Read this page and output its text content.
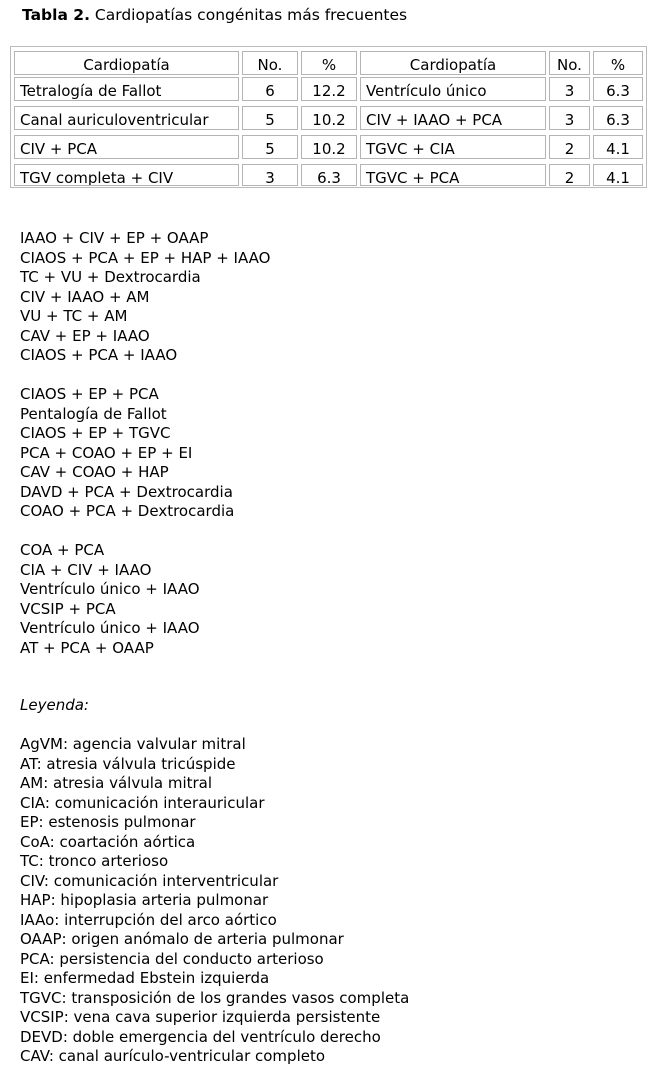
Tabla 2. Cardiopatías congénitas más frecuentes
Cardiopatía	No.	%	Cardiopatía	No.	%
Tetralogía de Fallot	6	12.2	Ventrículo único	3	6.3
Canal auriculoventricular	5	10.2	CIV + IAAO + PCA	3	6.3
CIV + PCA	5	10.2	TGVC + CIA	2	4.1
TGV completa + CIV	3	6.3	TGVC + PCA	2	4.1
IAAO + CIV + EP + OAAP
CIAOS + PCA + EP + HAP + IAAO
TC + VU + Dextrocardia
CIV + IAAO + AM
VU + TC + AM
CAV + EP + IAAO
CIAOS + PCA + IAAO
CIAOS + EP + PCA
Pentalogía de Fallot
CIAOS + EP + TGVC
PCA + COAO + EP + EI
CAV + COAO + HAP
DAVD + PCA + Dextrocardia
COAO + PCA + Dextrocardia
COA + PCA
CIA + CIV + IAAO
Ventrículo único + IAAO
VCSIP + PCA
Ventrículo único + IAAO
AT + PCA + OAAP
Leyenda:
AgVM: agencia valvular mitral
AT: atresia válvula tricúspide
AM: atresia válvula mitral
CIA: comunicación interauricular
EP: estenosis pulmonar
CoA: coartación aórtica
TC: tronco arterioso
CIV: comunicación interventricular
HAP: hipoplasia arteria pulmonar
IAAo: interrupción del arco aórtico
OAAP: origen anómalo de arteria pulmonar
PCA: persistencia del conducto arterioso
EI: enfermedad Ebstein izquierda
TGVC: transposición de los grandes vasos completa
VCSIP: vena cava superior izquierda persistente
DEVD: doble emergencia del ventrículo derecho
CAV: canal aurículo-ventricular completo
